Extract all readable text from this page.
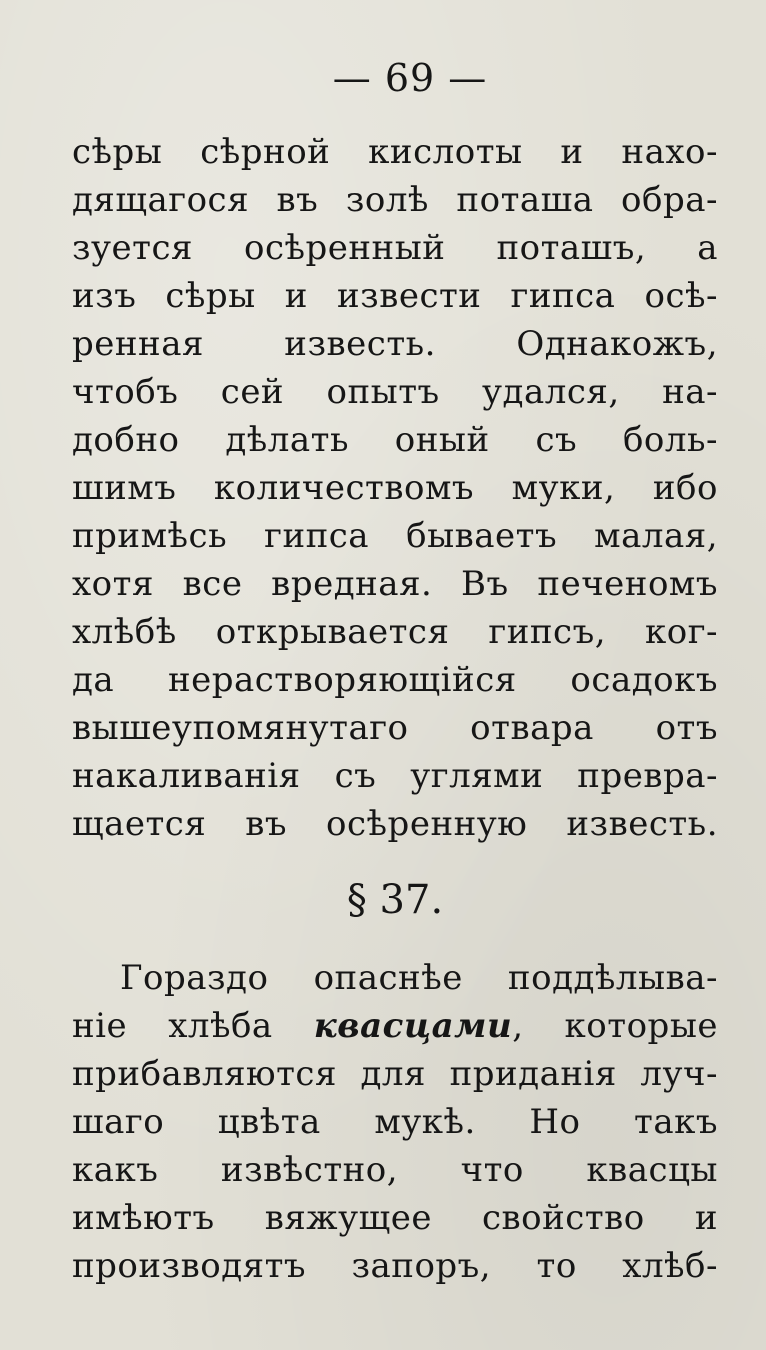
— 69 —
сѣры сѣрной кислоты и нахо-
дящагося въ золѣ поташа обра-
зуется осѣренный поташъ, а
изъ сѣры и извести гипса осѣ-
ренная известь. Однакожъ,
чтобъ сей опытъ удался, на-
добно дѣлать оный съ боль-
шимъ количествомъ муки, ибо
примѣсь гипса бываетъ малая,
хотя все вредная. Въ печеномъ
хлѣбѣ открывается гипсъ, ког-
да нерастворяющійся осадокъ
вышеупомянутаго отвара отъ
накаливанія съ углями превра-
щается въ осѣренную известь.
§ 37.
Гораздо опаснѣе поддѣлыва-
ніе хлѣба квасцами, которые
прибавляются для приданія луч-
шаго цвѣта мукѣ. Но такъ
какъ извѣстно, что квасцы
имѣютъ вяжущее свойство и
производятъ запоръ, то хлѣб-
